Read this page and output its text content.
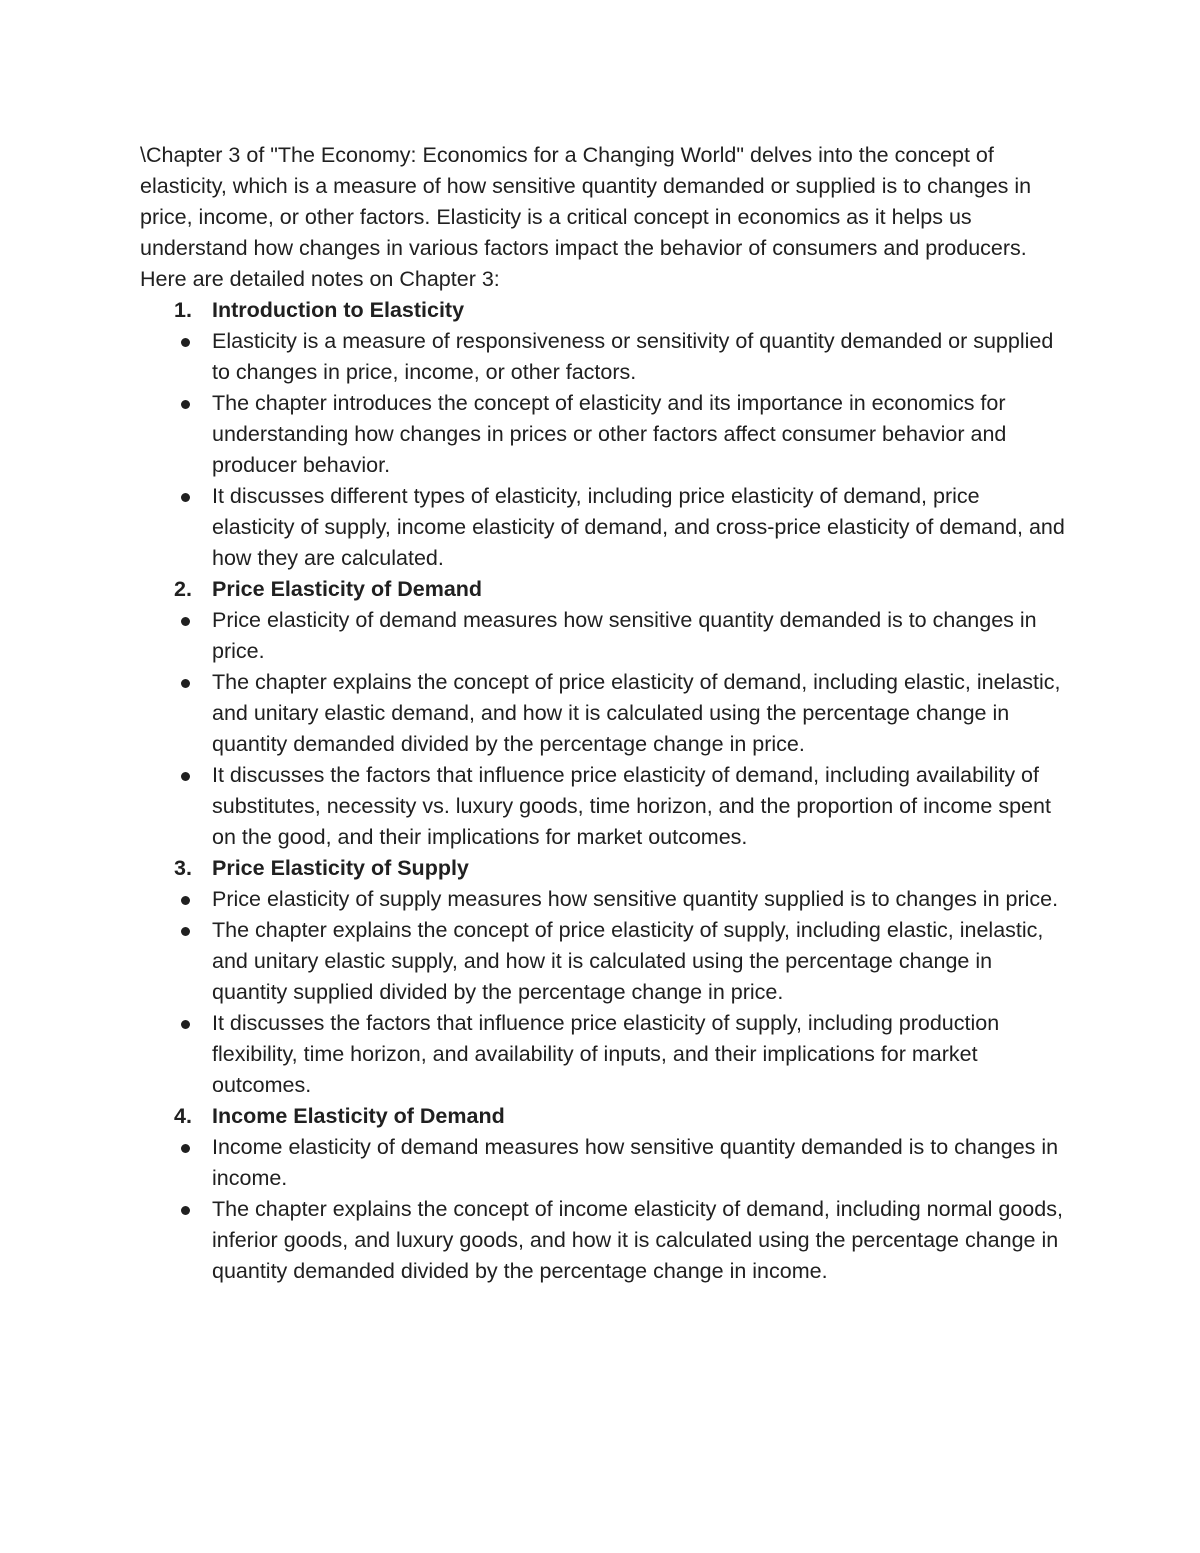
\Chapter 3 of "The Economy: Economics for a Changing World" delves into the concept of elasticity, which is a measure of how sensitive quantity demanded or supplied is to changes in price, income, or other factors. Elasticity is a critical concept in economics as it helps us understand how changes in various factors impact the behavior of consumers and producers. Here are detailed notes on Chapter 3:

1. Introduction to Elasticity
Elasticity is a measure of responsiveness or sensitivity of quantity demanded or supplied to changes in price, income, or other factors.
The chapter introduces the concept of elasticity and its importance in economics for understanding how changes in prices or other factors affect consumer behavior and producer behavior.
It discusses different types of elasticity, including price elasticity of demand, price elasticity of supply, income elasticity of demand, and cross-price elasticity of demand, and how they are calculated.
2. Price Elasticity of Demand
Price elasticity of demand measures how sensitive quantity demanded is to changes in price.
The chapter explains the concept of price elasticity of demand, including elastic, inelastic, and unitary elastic demand, and how it is calculated using the percentage change in quantity demanded divided by the percentage change in price.
It discusses the factors that influence price elasticity of demand, including availability of substitutes, necessity vs. luxury goods, time horizon, and the proportion of income spent on the good, and their implications for market outcomes.
3. Price Elasticity of Supply
Price elasticity of supply measures how sensitive quantity supplied is to changes in price.
The chapter explains the concept of price elasticity of supply, including elastic, inelastic, and unitary elastic supply, and how it is calculated using the percentage change in quantity supplied divided by the percentage change in price.
It discusses the factors that influence price elasticity of supply, including production flexibility, time horizon, and availability of inputs, and their implications for market outcomes.
4. Income Elasticity of Demand
Income elasticity of demand measures how sensitive quantity demanded is to changes in income.
The chapter explains the concept of income elasticity of demand, including normal goods, inferior goods, and luxury goods, and how it is calculated using the percentage change in quantity demanded divided by the percentage change in income.
